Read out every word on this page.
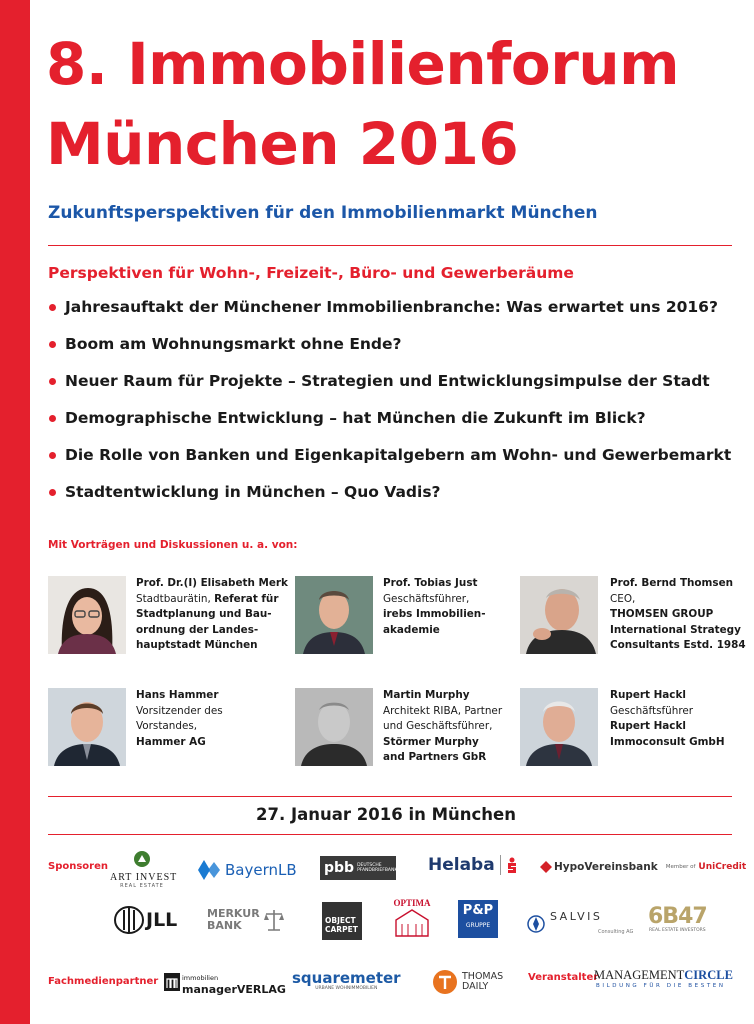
8. Immobilienforum
München 2016
Zukunftsperspektiven für den Immobilienmarkt München
Perspektiven für Wohn-, Freizeit-, Büro- und Gewerberäume
Jahresauftakt der Münchener Immobilienbranche: Was erwartet uns 2016?
Boom am Wohnungsmarkt ohne Ende?
Neuer Raum für Projekte – Strategien und Entwicklungsimpulse der Stadt
Demographische Entwicklung – hat München die Zukunft im Blick?
Die Rolle von Banken und Eigenkapitalgebern am Wohn- und Gewerbemarkt
Stadtentwicklung in München – Quo Vadis?
Mit Vorträgen und Diskussionen u. a. von:
Prof. Dr.(I) Elisabeth Merk
Stadtbaurätin, Referat für
Stadtplanung und Bau-
ordnung der Landes-
hauptstadt München
Prof. Tobias Just
Geschäftsführer,
irebs Immobilien-
akademie
Prof. Bernd Thomsen
CEO,
THOMSEN GROUP
International Strategy
Consultants Estd. 1984
Hans Hammer
Vorsitzender des
Vorstandes,
Hammer AG
Martin Murphy
Architekt RIBA, Partner
und Geschäftsführer,
Störmer Murphy
and Partners GbR
Rupert Hackl
Geschäftsführer
Rupert Hackl
Immoconsult GmbH
27. Januar 2016 in München
Sponsoren
ART INVEST
REAL ESTATE
BayernLB pbb DEUTSCHE
PFANDBRIEFBANK Helaba	HypoVereinsbank Member of UniCredit
JLL	MERKUR
BANK	OBJECT
CARPET
OPTIMA	P&P
GRUPPE
SALVIS
Consulting AG
6B47
REAL ESTATE INVESTORS
Fachmedienpartner	immobilien
managerVERLAG
squaremeter
URBANE WOHNIMMOBILIEN
THOMAS
DAILY
Veranstalter
MANAGEMENTCIRCLE
BILDUNG FÜR DIE BESTEN
